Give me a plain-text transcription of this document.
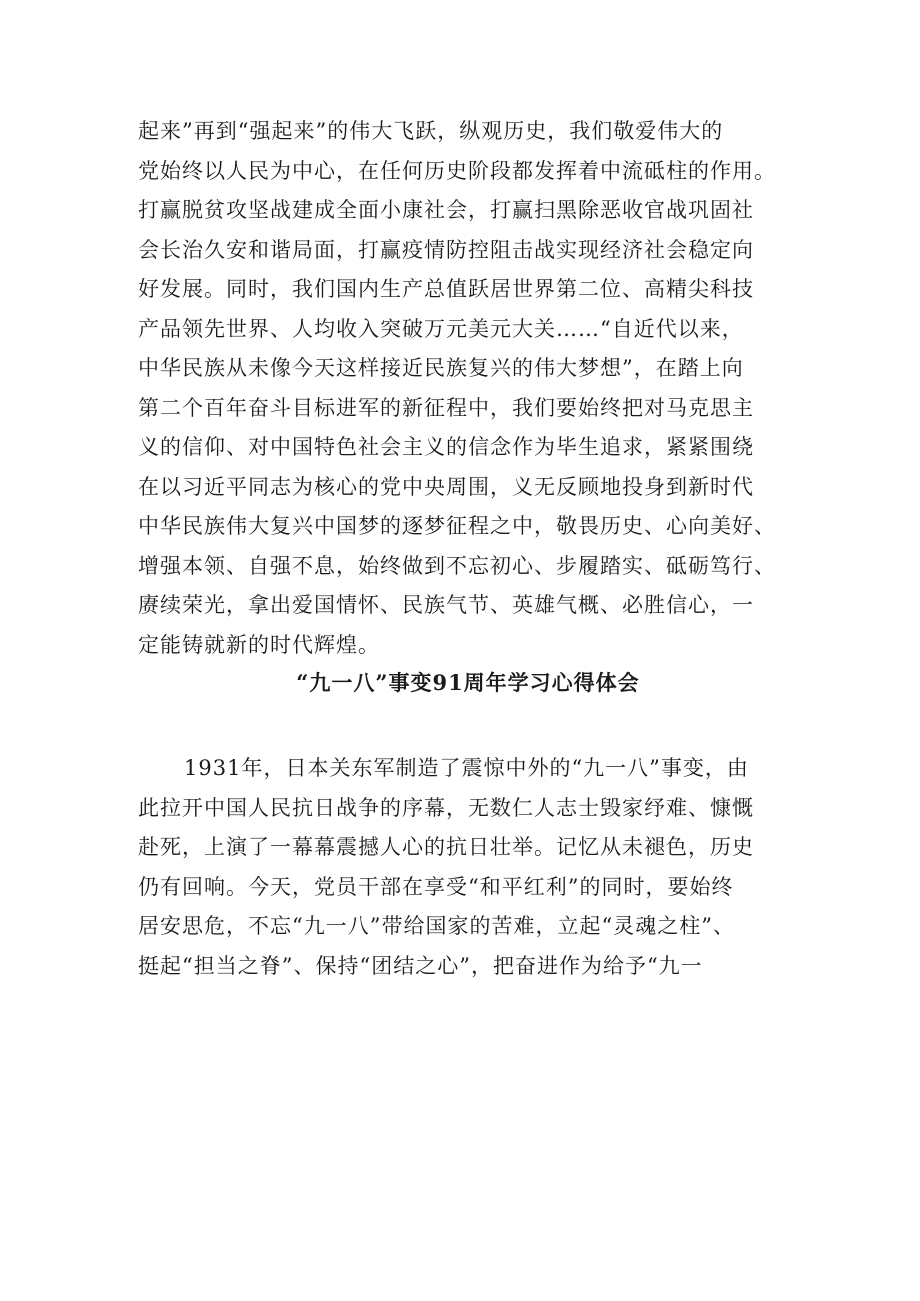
起来”再到“强起来”的伟大飞跃，纵观历史，我们敬爱伟大的

党始终以人民为中心，在任何历史阶段都发挥着中流砥柱的作用。

打赢脱贫攻坚战建成全面小康社会，打赢扫黑除恶收官战巩固社

会长治久安和谐局面，打赢疫情防控阻击战实现经济社会稳定向

好发展。同时，我们国内生产总值跃居世界第二位、高精尖科技

产品领先世界、人均收入突破万元美元大关……“自近代以来，

中华民族从未像今天这样接近民族复兴的伟大梦想”，在踏上向

第二个百年奋斗目标进军的新征程中，我们要始终把对马克思主

义的信仰、对中国特色社会主义的信念作为毕生追求，紧紧围绕

在以习近平同志为核心的党中央周围，义无反顾地投身到新时代

中华民族伟大复兴中国梦的逐梦征程之中，敬畏历史、心向美好、

增强本领、自强不息，始终做到不忘初心、步履踏实、砥砺笃行、

赓续荣光，拿出爱国情怀、民族气节、英雄气概、必胜信心，一

定能铸就新的时代辉煌。

“九一八”事变91周年学习心得体会

1931年，日本关东军制造了震惊中外的“九一八”事变，由

此拉开中国人民抗日战争的序幕，无数仁人志士毁家纾难、慷慨

赴死，上演了一幕幕震撼人心的抗日壮举。记忆从未褪色，历史

仍有回响。今天，党员干部在享受“和平红利”的同时，要始终

居安思危，不忘“九一八”带给国家的苦难，立起“灵魂之柱”、

挺起“担当之脊”、保持“团结之心”，把奋进作为给予“九一
